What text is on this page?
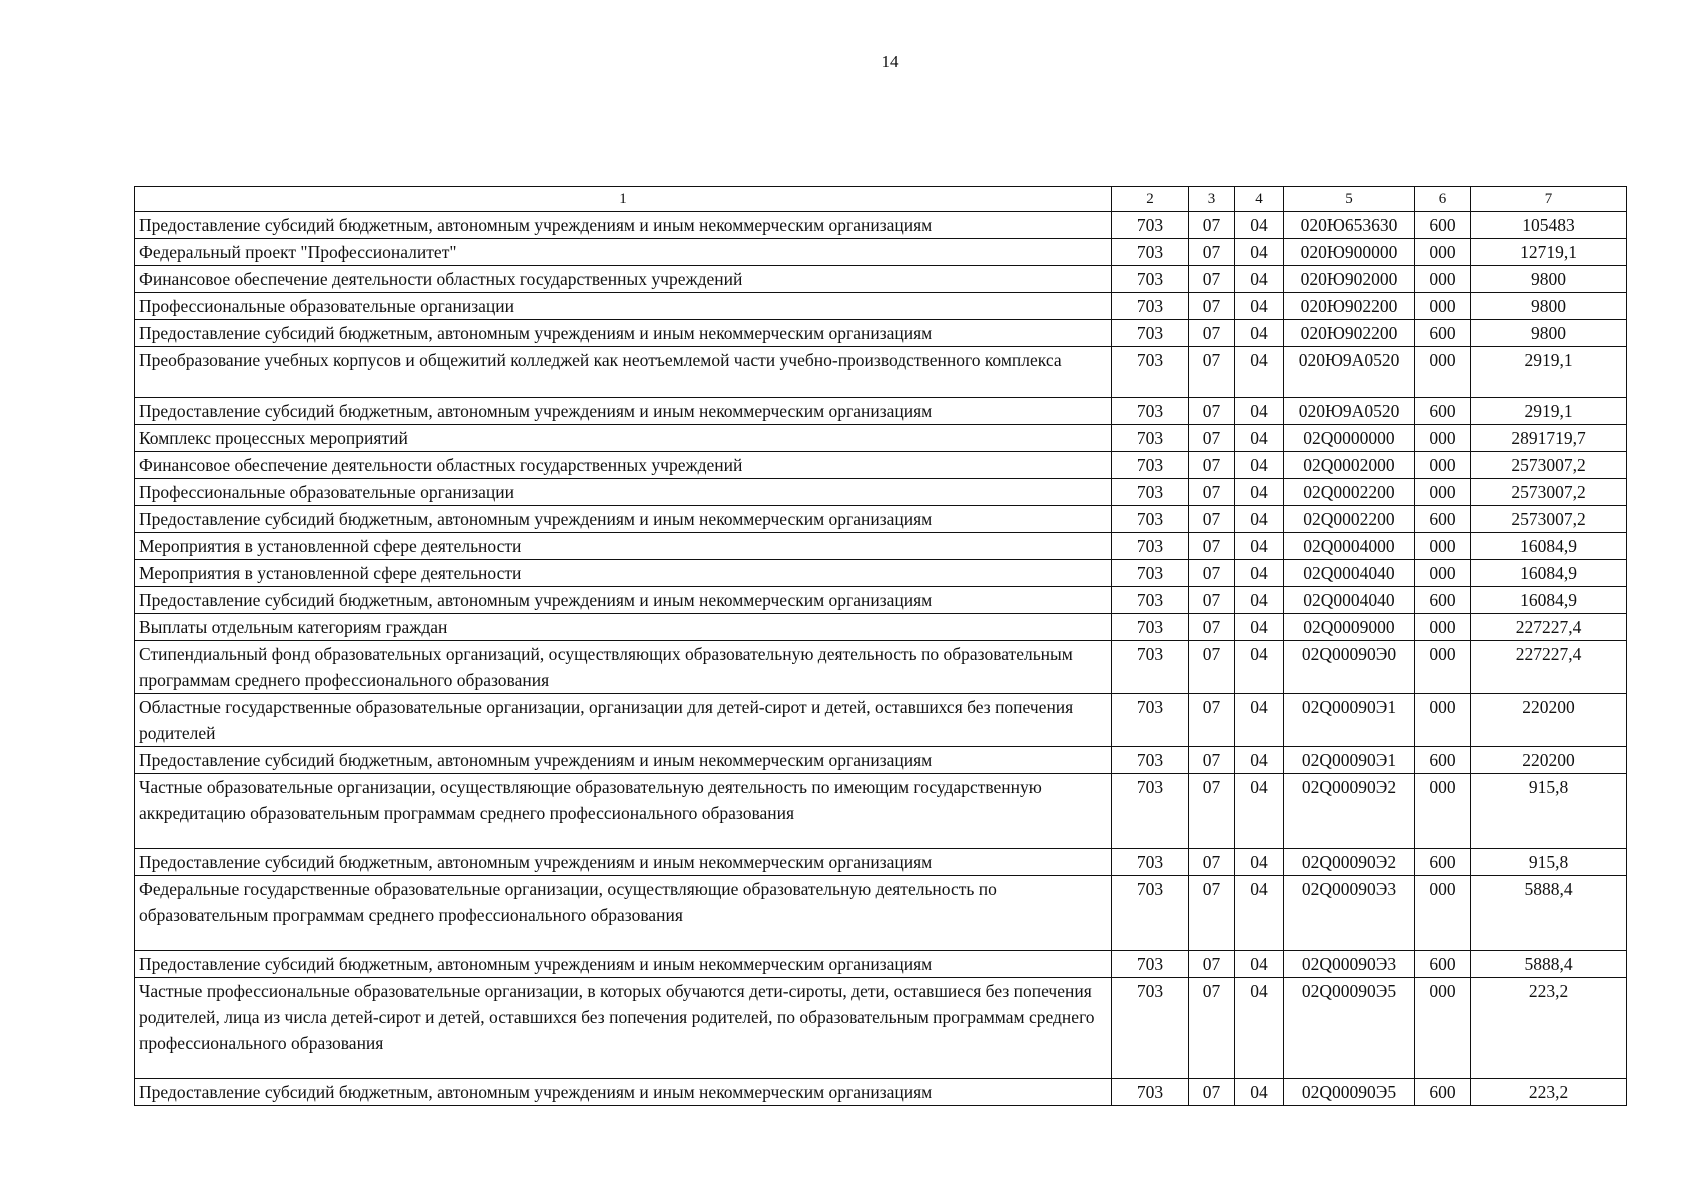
14
1	2	3	4	5	6	7
Предоставление субсидий бюджетным, автономным учреждениям и иным некоммерческим организациям	703	07	04	020Ю653630	600	105483
Федеральный проект "Профессионалитет"	703	07	04	020Ю900000	000	12719,1
Финансовое обеспечение деятельности областных государственных учреждений	703	07	04	020Ю902000	000	9800
Профессиональные образовательные организации	703	07	04	020Ю902200	000	9800
Предоставление субсидий бюджетным, автономным учреждениям и иным некоммерческим организациям	703	07	04	020Ю902200	600	9800
Преобразование учебных корпусов и общежитий колледжей как неотъемлемой части учебно-производственного комплекса	703	07	04	020Ю9А0520	000	2919,1
Предоставление субсидий бюджетным, автономным учреждениям и иным некоммерческим организациям	703	07	04	020Ю9А0520	600	2919,1
Комплекс процессных мероприятий	703	07	04	02Q0000000	000	2891719,7
Финансовое обеспечение деятельности областных государственных учреждений	703	07	04	02Q0002000	000	2573007,2
Профессиональные образовательные организации	703	07	04	02Q0002200	000	2573007,2
Предоставление субсидий бюджетным, автономным учреждениям и иным некоммерческим организациям	703	07	04	02Q0002200	600	2573007,2
Мероприятия в установленной сфере деятельности	703	07	04	02Q0004000	000	16084,9
Мероприятия в установленной сфере деятельности	703	07	04	02Q0004040	000	16084,9
Предоставление субсидий бюджетным, автономным учреждениям и иным некоммерческим организациям	703	07	04	02Q0004040	600	16084,9
Выплаты отдельным категориям граждан	703	07	04	02Q0009000	000	227227,4
Стипендиальный фонд образовательных организаций, осуществляющих образовательную деятельность по образовательным программам среднего профессионального образования	703	07	04	02Q00090Э0	000	227227,4
Областные государственные образовательные организации, организации для детей-сирот и детей, оставшихся без попечения родителей	703	07	04	02Q00090Э1	000	220200
Предоставление субсидий бюджетным, автономным учреждениям и иным некоммерческим организациям	703	07	04	02Q00090Э1	600	220200
Частные образовательные организации, осуществляющие образовательную деятельность по имеющим государственную аккредитацию образовательным программам среднего профессионального образования	703	07	04	02Q00090Э2	000	915,8
Предоставление субсидий бюджетным, автономным учреждениям и иным некоммерческим организациям	703	07	04	02Q00090Э2	600	915,8
Федеральные государственные образовательные организации, осуществляющие образовательную деятельность по образовательным программам среднего профессионального образования	703	07	04	02Q00090Э3	000	5888,4
Предоставление субсидий бюджетным, автономным учреждениям и иным некоммерческим организациям	703	07	04	02Q00090Э3	600	5888,4
Частные профессиональные образовательные организации, в которых обучаются дети-сироты, дети, оставшиеся без попечения родителей, лица из числа детей-сирот и детей, оставшихся без попечения родителей, по образовательным программам среднего профессионального образования	703	07	04	02Q00090Э5	000	223,2
Предоставление субсидий бюджетным, автономным учреждениям и иным некоммерческим организациям	703	07	04	02Q00090Э5	600	223,2
